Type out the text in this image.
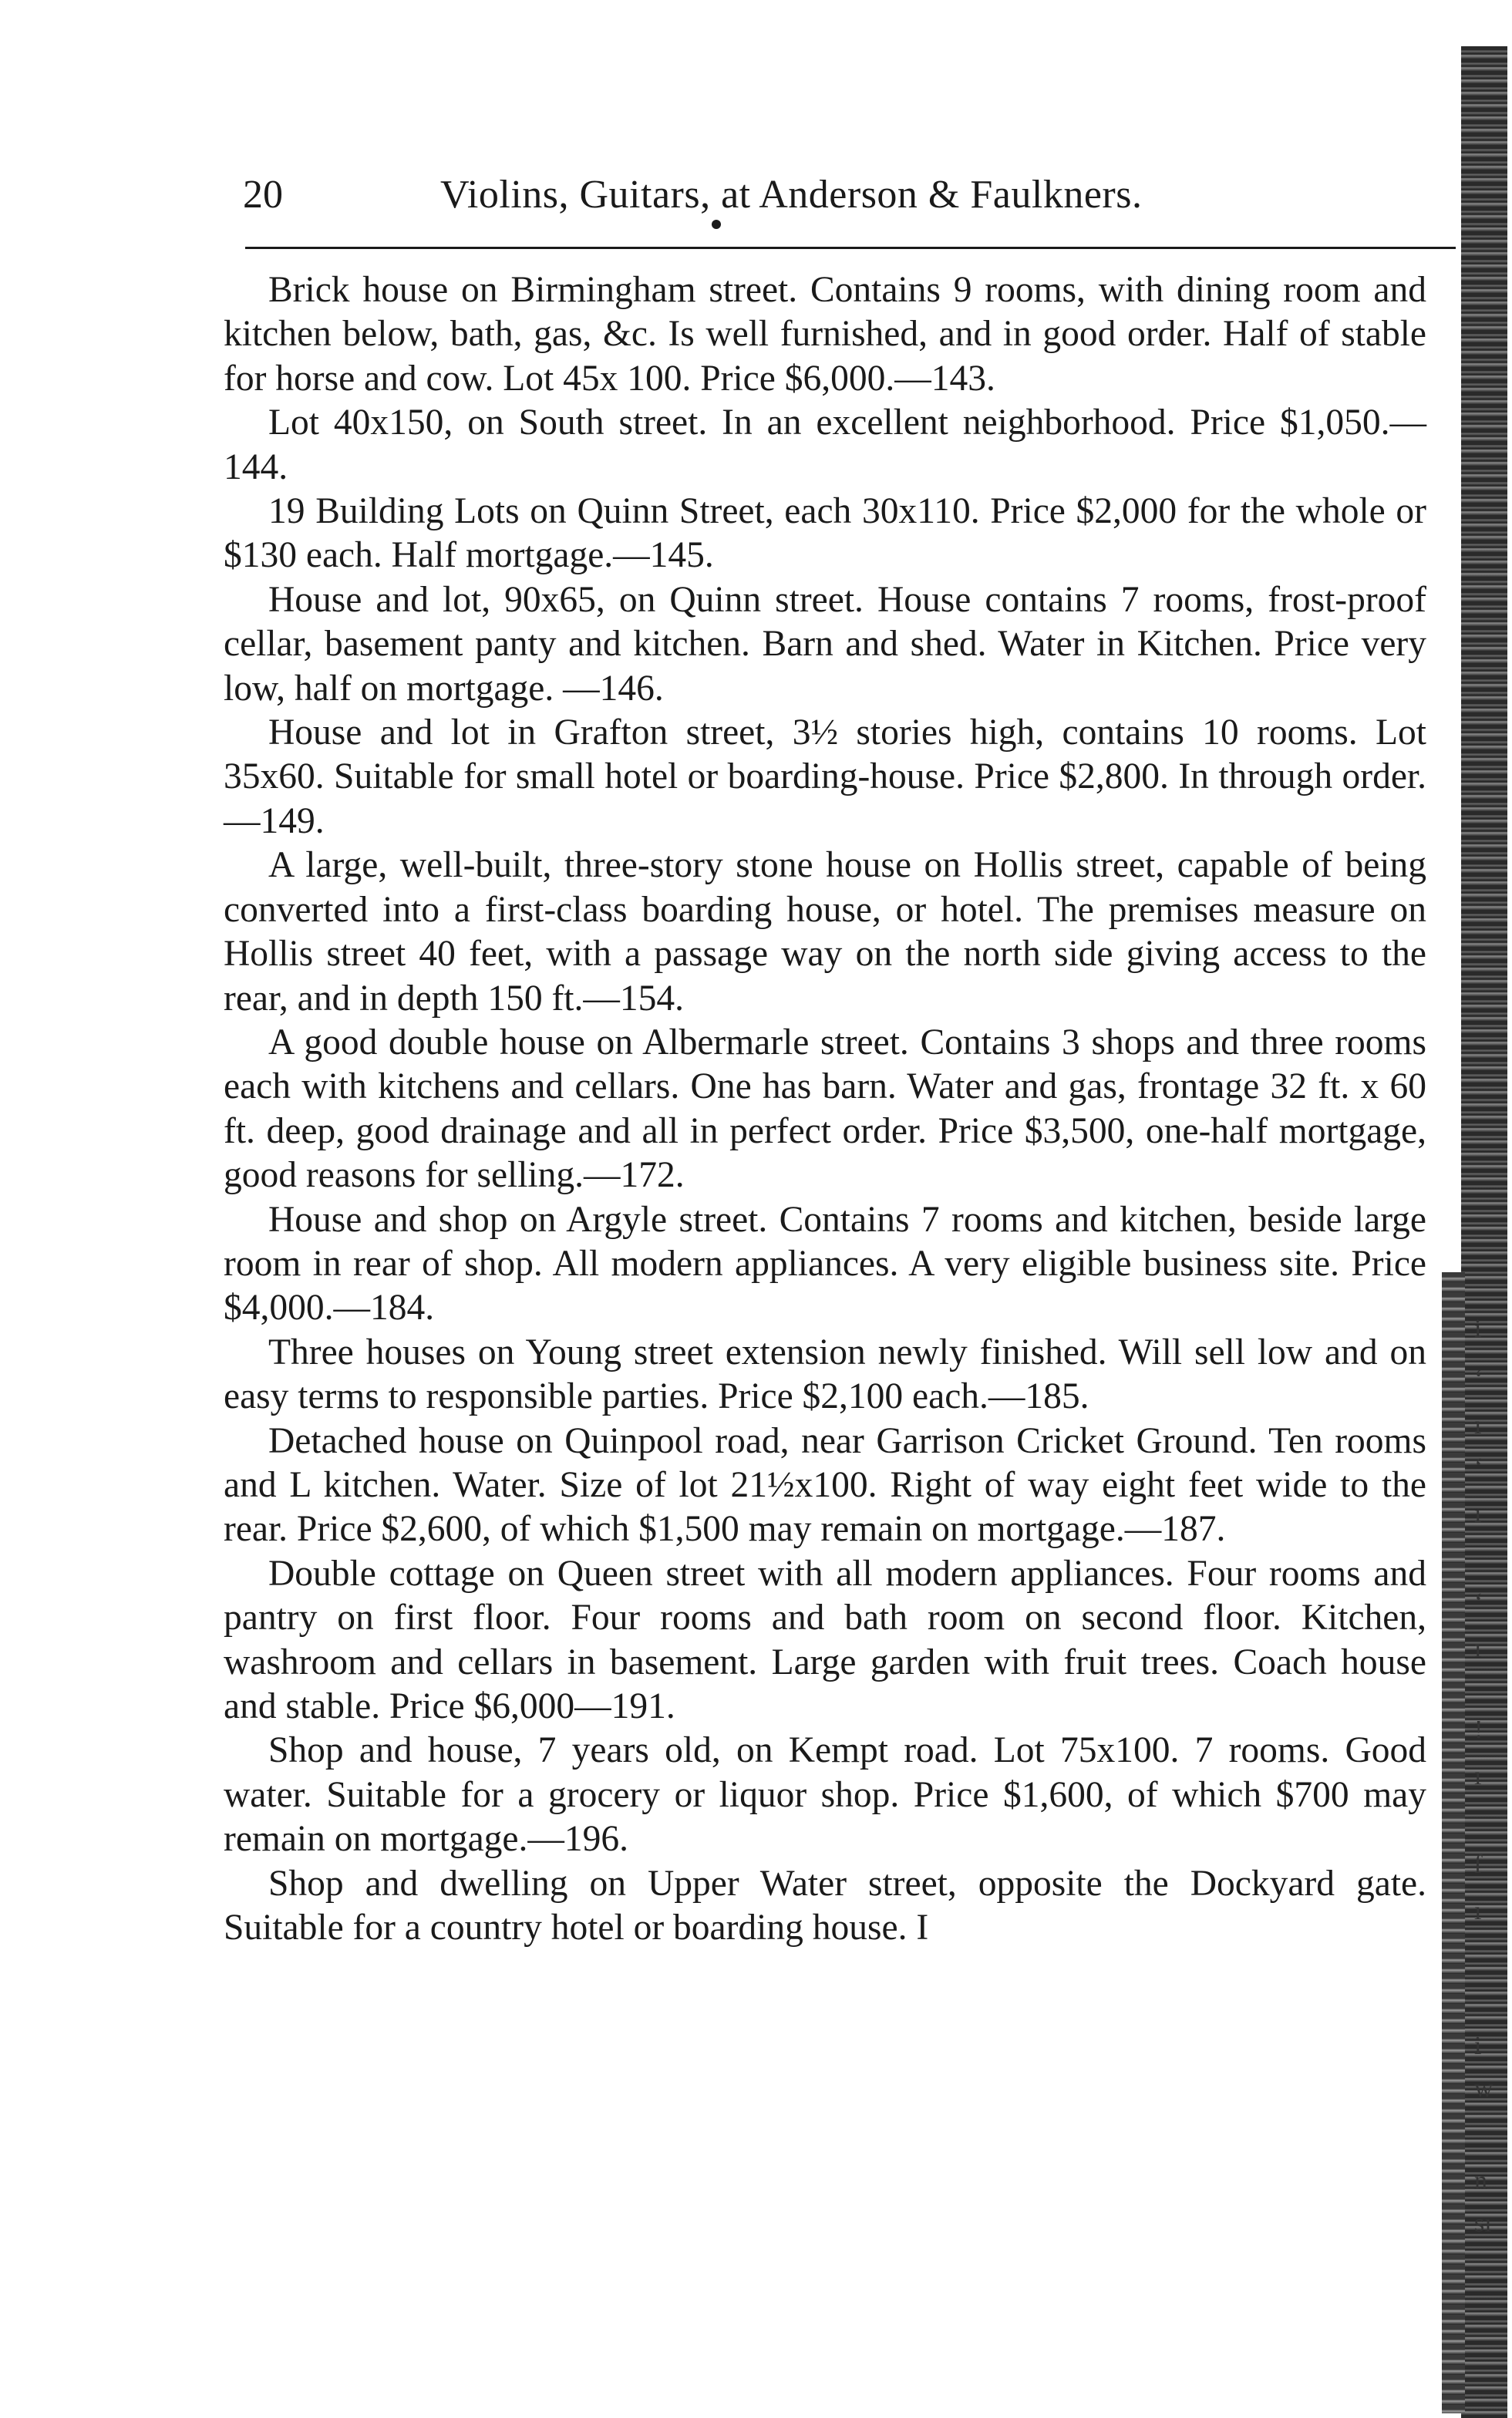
20	Violins, Guitars, at Anderson & Faulkners.

Brick house on Birmingham street. Contains 9 rooms, with dining room and kitchen below, bath, gas, &c. Is well furnished, and in good order. Half of stable for horse and cow. Lot 45x 100. Price $6,000.—143.

Lot 40x150, on South street. In an excellent neighborhood. Price $1,050.—144.

19 Building Lots on Quinn Street, each 30x110. Price $2,000 for the whole or $130 each. Half mortgage.—145.

House and lot, 90x65, on Quinn street. House contains 7 rooms, frost-proof cellar, basement panty and kitchen. Barn and shed. Water in Kitchen. Price very low, half on mortgage. —146.

House and lot in Grafton street, 3½ stories high, contains 10 rooms. Lot 35x60. Suitable for small hotel or boarding-house. Price $2,800. In through order.—149.

A large, well-built, three-story stone house on Hollis street, capable of being converted into a first-class boarding house, or hotel. The premises measure on Hollis street 40 feet, with a passage way on the north side giving access to the rear, and in depth 150 ft.—154.

A good double house on Albermarle street. Contains 3 shops and three rooms each with kitchens and cellars. One has barn. Water and gas, frontage 32 ft. x 60 ft. deep, good drainage and all in perfect order. Price $3,500, one-half mortgage, good reasons for selling.—172.

House and shop on Argyle street. Contains 7 rooms and kitchen, beside large room in rear of shop. All modern appliances. A very eligible business site. Price $4,000.—184.

Three houses on Young street extension newly finished. Will sell low and on easy terms to responsible parties. Price $2,100 each.—185.

Detached house on Quinpool road, near Garrison Cricket Ground. Ten rooms and L kitchen. Water. Size of lot 21½x100. Right of way eight feet wide to the rear. Price $2,600, of which $1,500 may remain on mortgage.—187.

Double cottage on Queen street with all modern appliances. Four rooms and pantry on first floor. Four rooms and bath room on second floor. Kitchen, washroom and cellars in basement. Large garden with fruit trees. Coach house and stable. Price $6,000—191.

Shop and house, 7 years old, on Kempt road. Lot 75x100. 7 rooms. Good water. Suitable for a grocery or liquor shop. Price $1,600, of which $700 may remain on mortgage.—196.

Shop and dwelling on Upper Water street, opposite the Dockyard gate. Suitable for a country hotel or boarding house. I

i
‘
ı
‘
ı
‘
ı
!
ı
ſ
ı
i
w
n
sı
